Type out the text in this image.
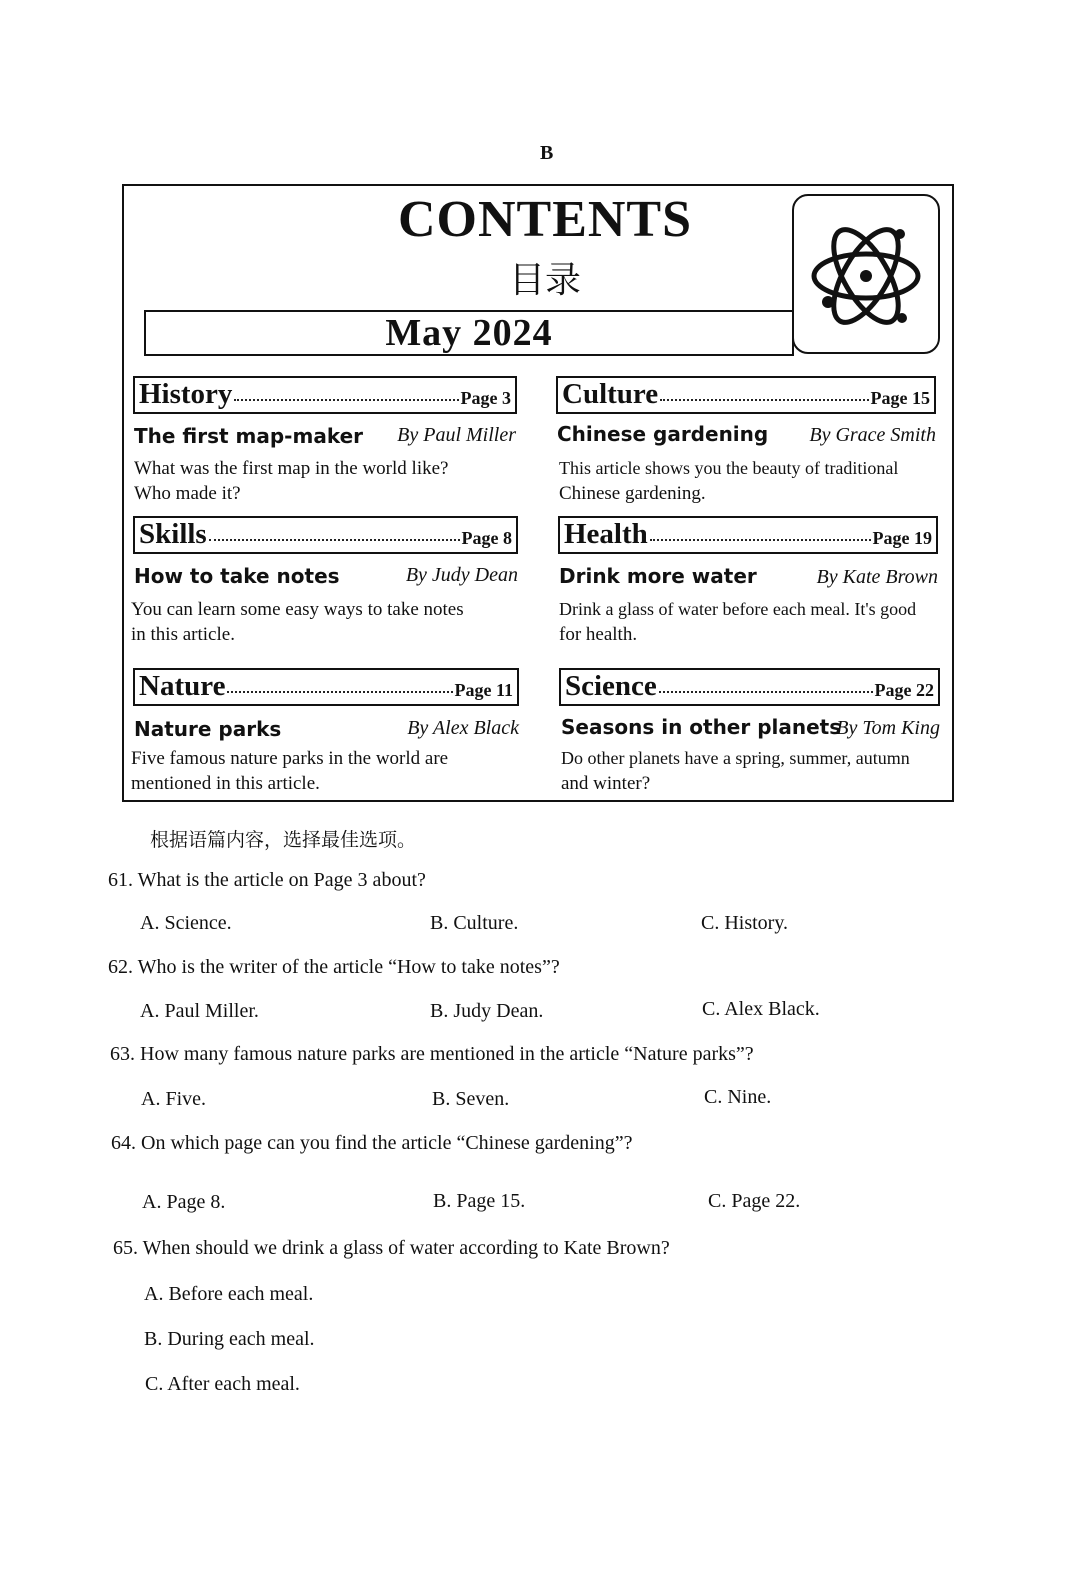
B
CONTENTS
目录
May 2024
History	Page 3
The first map-maker	By Paul Miller
What was the first map in the world like?
Who made it?
Culture	Page 15
Chinese gardening	By Grace Smith
This article shows you the beauty of traditional
Chinese gardening.
Skills	Page 8
How to take notes	By Judy Dean
You can learn some easy ways to take notes
in this article.
Health	Page 19
Drink more water	By Kate Brown
Drink a glass of water before each meal. It's good
for health.
Nature	Page 11
Nature parks	By Alex Black
Five famous nature parks in the world are
mentioned in this article.
Science	Page 22
Seasons in other planets
By Tom King
Do other planets have a spring, summer, autumn
and winter?
根据语篇内容，选择最佳选项。
61. What is the article on Page 3 about?
A. Science.	B. Culture.	C. History.
62. Who is the writer of the article “How to take notes”?
A. Paul Miller.	B. Judy Dean.	C. Alex Black.
63. How many famous nature parks are mentioned in the article “Nature parks”?
A. Five.	B. Seven.	C. Nine.
64. On which page can you find the article “Chinese gardening”?
A. Page 8.	B. Page 15.	C. Page 22.
65. When should we drink a glass of water according to Kate Brown?
A. Before each meal.
B. During each meal.
C. After each meal.
